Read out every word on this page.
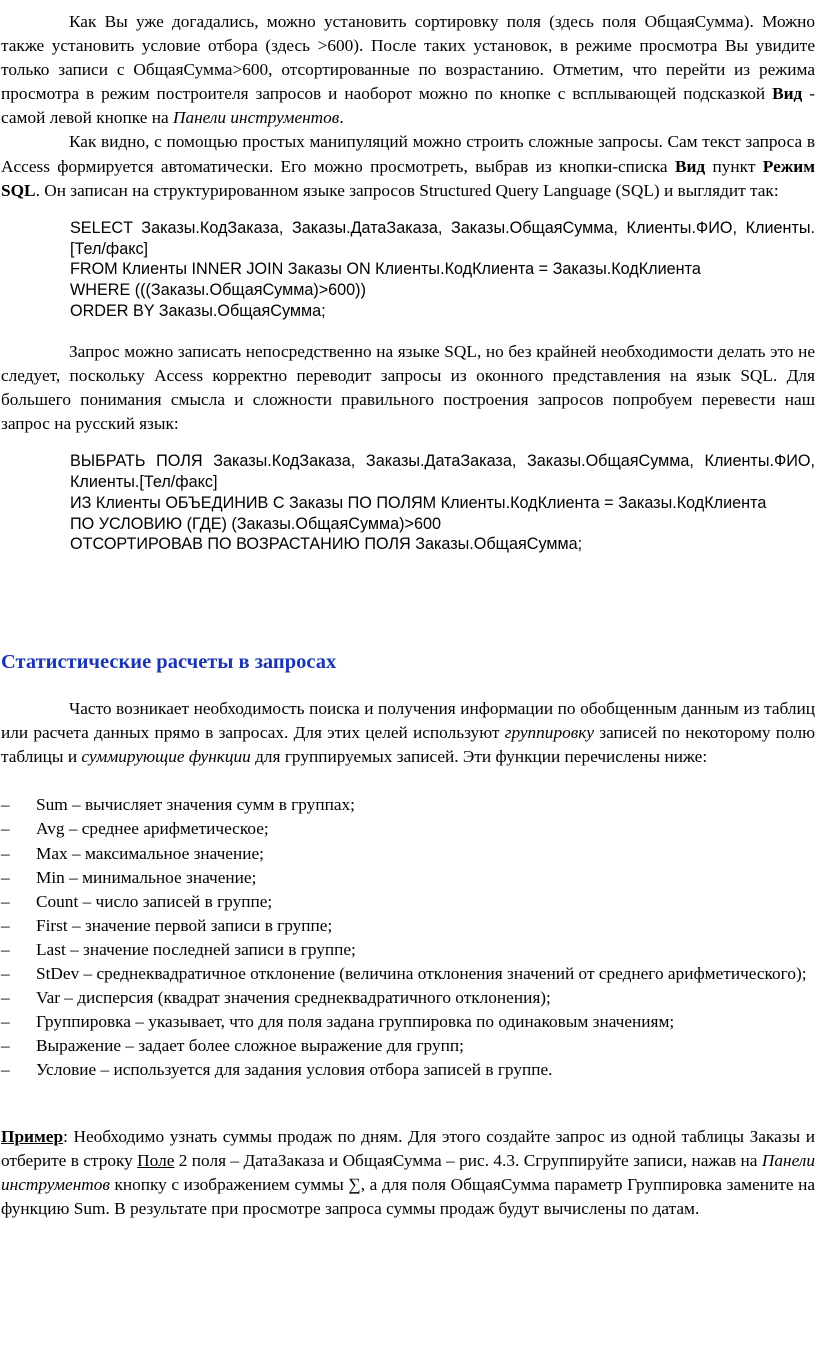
Как Вы уже догадались, можно установить сортировку поля (здесь поля ОбщаяСумма). Можно также установить условие отбора (здесь >600). После таких установок, в режиме просмотра Вы увидите только записи с ОбщаяСумма>600, отсортированные по возрастанию. Отметим, что перейти из режима просмотра в режим построителя запросов и наоборот можно по кнопке с всплывающей подсказкой Вид - самой левой кнопке на Панели инструментов.

Как видно, с помощью простых манипуляций можно строить сложные запросы. Сам текст запроса в Access формируется автоматически. Его можно просмотреть, выбрав из кнопки-списка Вид пункт Режим SQL. Он записан на структурированном языке запросов Structured Query Language (SQL) и выглядит так:

SELECT Заказы.КодЗаказа, Заказы.ДатаЗаказа, Заказы.ОбщаяСумма, Клиенты.ФИО, Клиенты.[Тел/факс]

FROM Клиенты INNER JOIN Заказы ON Клиенты.КодКлиента = Заказы.КодКлиента

WHERE (((Заказы.ОбщаяСумма)>600))

ORDER BY Заказы.ОбщаяСумма;

Запрос можно записать непосредственно на языке SQL, но без крайней необходимости делать это не следует, поскольку Access корректно переводит запросы из оконного представления на язык SQL. Для большего понимания смысла и сложности правильного построения запросов попробуем перевести наш запрос на русский язык:

ВЫБРАТЬ ПОЛЯ Заказы.КодЗаказа, Заказы.ДатаЗаказа, Заказы.ОбщаяСумма, Клиенты.ФИО, Клиенты.[Тел/факс]

ИЗ Клиенты ОБЪЕДИНИВ С Заказы ПО ПОЛЯМ Клиенты.КодКлиента = Заказы.КодКлиента

ПО УСЛОВИЮ (ГДЕ) (Заказы.ОбщаяСумма)>600

ОТСОРТИРОВАВ ПО ВОЗРАСТАНИЮ ПОЛЯ Заказы.ОбщаяСумма;

Статистические расчеты в запросах

Часто возникает необходимость поиска и получения информации по обобщенным данным из таблиц или расчета данных прямо в запросах. Для этих целей используют группировку записей по некоторому полю таблицы и суммирующие функции для группируемых записей. Эти функции перечислены ниже:

– Sum – вычисляет значения сумм в группах;
– Avg – среднее арифметическое;
– Max – максимальное значение;
– Min – минимальное значение;
– Count – число записей в группе;
– First – значение первой записи в группе;
– Last – значение последней записи в группе;
– StDev – среднеквадратичное отклонение (величина отклонения значений от среднего арифметического);
– Var – дисперсия (квадрат значения среднеквадратичного отклонения);
– Группировка – указывает, что для поля задана группировка по одинаковым значениям;
– Выражение – задает более сложное выражение для групп;
– Условие – используется для задания условия отбора записей в группе.

Пример: Необходимо узнать суммы продаж по дням. Для этого создайте запрос из одной таблицы Заказы и отберите в строку Поле 2 поля – ДатаЗаказа и ОбщаяСумма – рис. 4.3. Сгруппируйте записи, нажав на Панели инструментов кнопку с изображением суммы ∑, а для поля ОбщаяСумма параметр Группировка замените на функцию Sum. В результате при просмотре запроса суммы продаж будут вычислены по датам.
